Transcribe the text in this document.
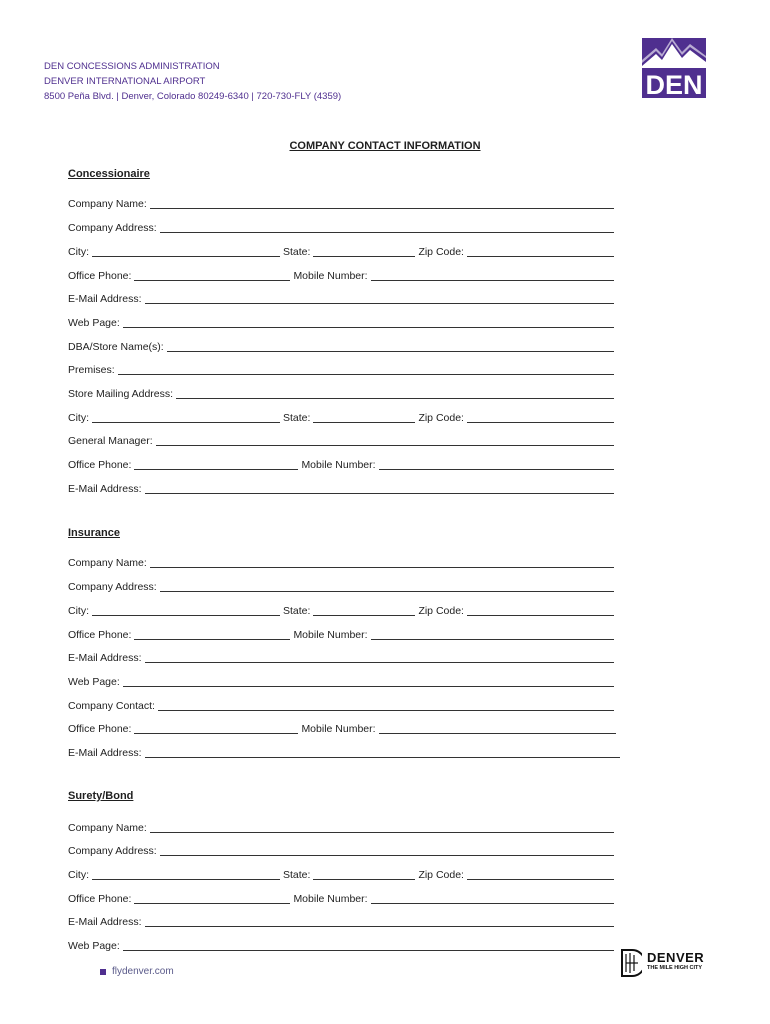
DEN CONCESSIONS ADMINISTRATION
DENVER INTERNATIONAL AIRPORT
8500 Peña Blvd. | Denver, Colorado 80249-6340 | 720-730-FLY (4359)	DEN
COMPANY CONTACT INFORMATION
Concessionaire
Company Name:
Company Address:
City:	State:	Zip Code:
Office Phone:	Mobile Number:
E-Mail Address:
Web Page:
DBA/Store Name(s):
Premises:
Store Mailing Address:
City:	State:	Zip Code:
General Manager:
Office Phone:	Mobile Number:
E-Mail Address:
Insurance
Company Name:
Company Address:
City:	State:	Zip Code:
Office Phone:	Mobile Number:
E-Mail Address:
Web Page:
Company Contact:
Office Phone:	Mobile Number:
E-Mail Address:
Surety/Bond
Company Name:
Company Address:
City:	State:	Zip Code:
Office Phone:	Mobile Number:
E-Mail Address:
Web Page:
flydenver.com
DENVER
THE MILE HIGH CITY
